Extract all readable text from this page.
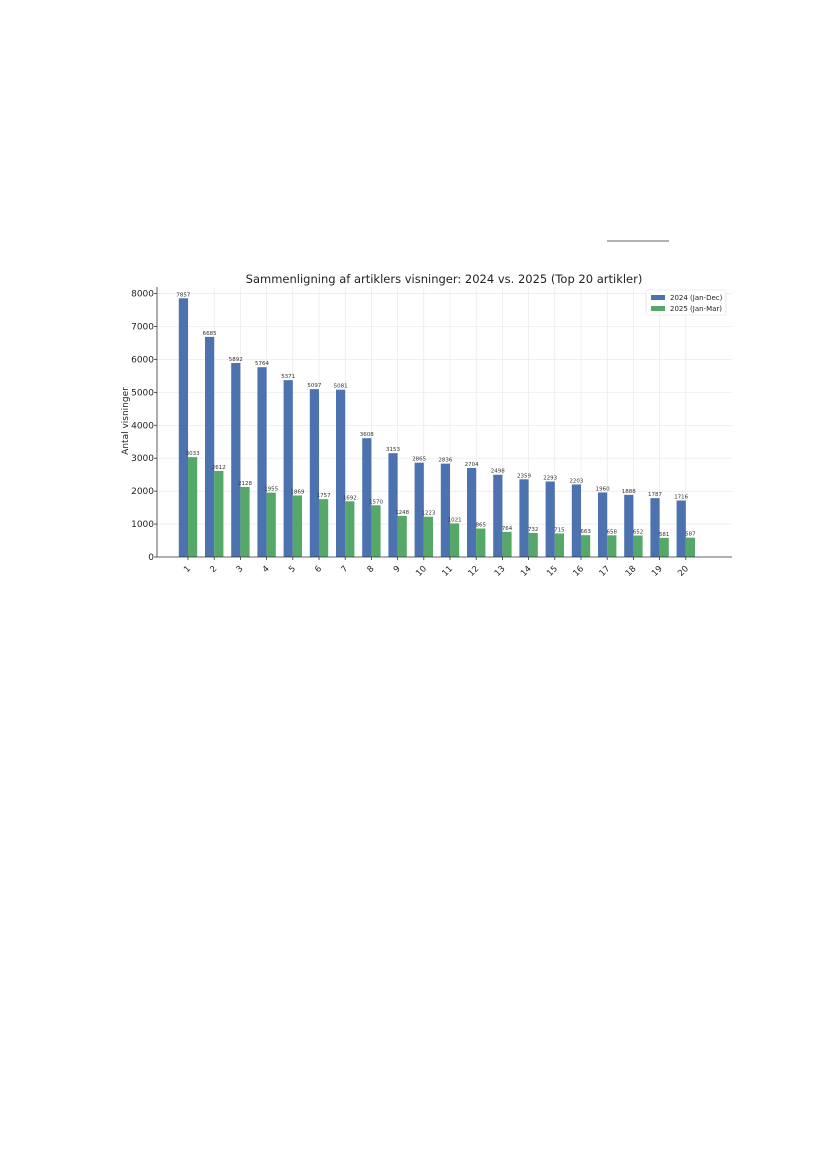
Sammenligning af artiklers visninger: 2024 vs. 2025 (Top 20 artikler)
Antal visninger
7857
6685
5892
5764
5371
5097 5081
3608
3153
2865 2836
2704
2498
2359 2293 2203
1960 1888
1787 1716
3033
2612
2128
1955 1869
1757 1692
1570
1248 1223
1021
865
764	732	715	663	658	652	581	587
0
1000
2000
3000
4000
5000
6000
7000
8000
1 2 3 4 5 6 7 8 9 10 11 12 13 14 15 16 17 18 19 20
2024 (Jan-Dec)
2025 (Jan-Mar)
